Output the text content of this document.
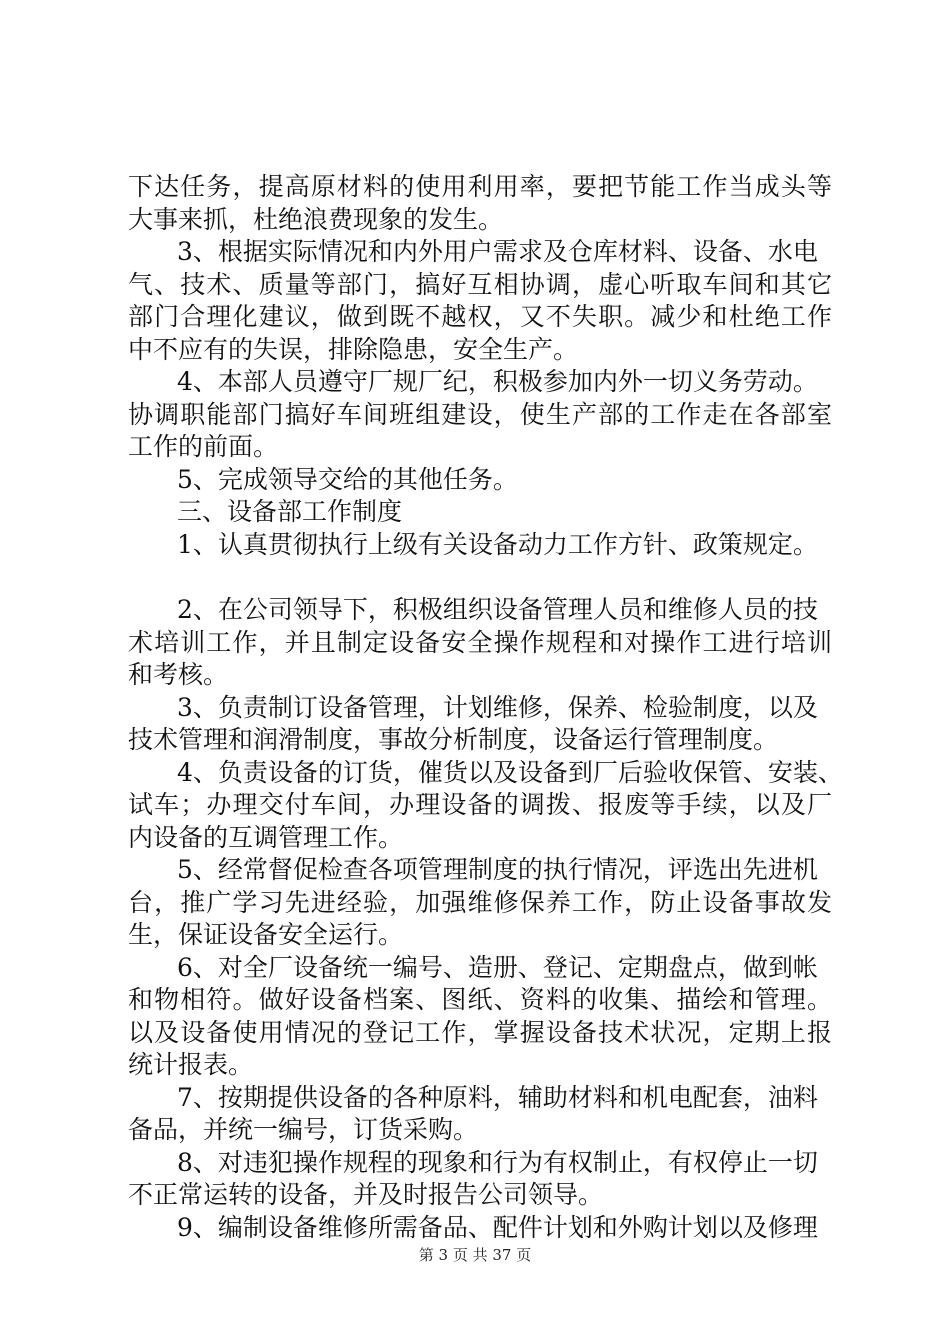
下达任务，提高原材料的使用利用率，要把节能工作当成头等
大事来抓，杜绝浪费现象的发生。
3、根据实际情况和内外用户需求及仓库材料、设备、水电
气、技术、质量等部门，搞好互相协调，虚心听取车间和其它
部门合理化建议，做到既不越权，又不失职。减少和杜绝工作
中不应有的失误，排除隐患，安全生产。
4、本部人员遵守厂规厂纪，积极参加内外一切义务劳动。
协调职能部门搞好车间班组建设，使生产部的工作走在各部室
工作的前面。
5、完成领导交给的其他任务。
三、设备部工作制度
1、认真贯彻执行上级有关设备动力工作方针、政策规定。
2、在公司领导下，积极组织设备管理人员和维修人员的技
术培训工作，并且制定设备安全操作规程和对操作工进行培训
和考核。
3、负责制订设备管理，计划维修，保养、检验制度，以及
技术管理和润滑制度，事故分析制度，设备运行管理制度。
4、负责设备的订货，催货以及设备到厂后验收保管、安装、
试车；办理交付车间，办理设备的调拨、报废等手续，以及厂
内设备的互调管理工作。
5、经常督促检查各项管理制度的执行情况，评选出先进机
台，推广学习先进经验，加强维修保养工作，防止设备事故发
生，保证设备安全运行。
6、对全厂设备统一编号、造册、登记、定期盘点，做到帐
和物相符。做好设备档案、图纸、资料的收集、描绘和管理。
以及设备使用情况的登记工作，掌握设备技术状况，定期上报
统计报表。
7、按期提供设备的各种原料，辅助材料和机电配套，油料
备品，并统一编号，订货采购。
8、对违犯操作规程的现象和行为有权制止，有权停止一切
不正常运转的设备，并及时报告公司领导。
9、编制设备维修所需备品、配件计划和外购计划以及修理
第 3 页 共 37 页
